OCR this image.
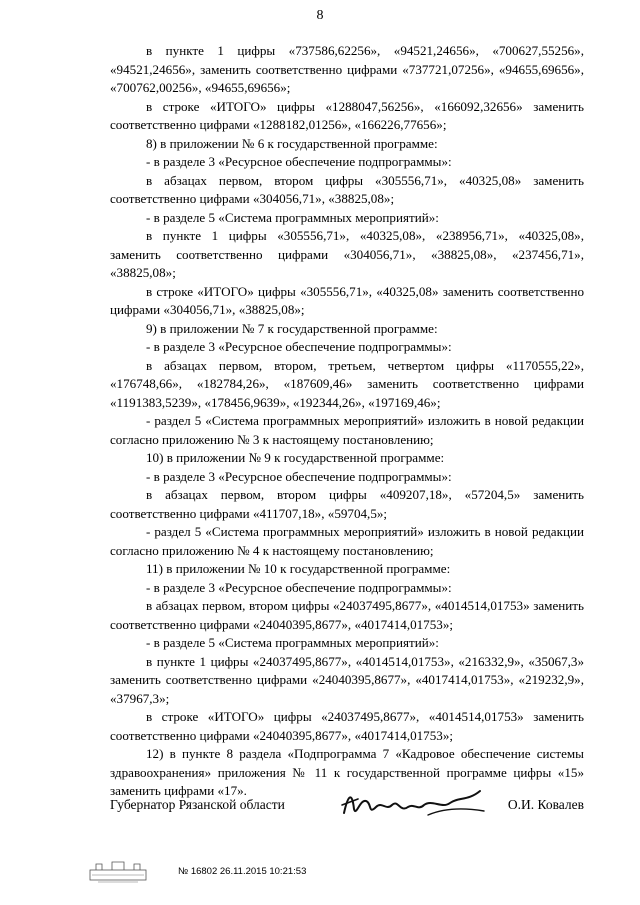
8

в пункте 1 цифры «737586,62256», «94521,24656», «700627,55256», «94521,24656», заменить соответственно цифрами «737721,07256», «94655,69656», «700762,00256», «94655,69656»;

в строке «ИТОГО» цифры «1288047,56256», «166092,32656» заменить соответственно цифрами «1288182,01256», «166226,77656»;

8) в приложении № 6 к государственной программе:

- в разделе 3 «Ресурсное обеспечение подпрограммы»:

в абзацах первом, втором цифры «305556,71», «40325,08» заменить соответственно цифрами «304056,71», «38825,08»;

- в разделе 5 «Система программных мероприятий»:

в пункте 1 цифры «305556,71», «40325,08», «238956,71», «40325,08», заменить соответственно цифрами «304056,71», «38825,08», «237456,71», «38825,08»;

в строке «ИТОГО» цифры «305556,71», «40325,08» заменить соответственно цифрами «304056,71», «38825,08»;

9) в приложении № 7 к государственной программе:

- в разделе 3 «Ресурсное обеспечение подпрограммы»:

в абзацах первом, втором, третьем, четвертом цифры «1170555,22», «176748,66», «182784,26», «187609,46» заменить соответственно цифрами «1191383,5239», «178456,9639», «192344,26», «197169,46»;

- раздел 5 «Система программных мероприятий» изложить в новой редакции согласно приложению № 3 к настоящему постановлению;

10) в приложении № 9 к государственной программе:

- в разделе 3 «Ресурсное обеспечение подпрограммы»:

в абзацах первом, втором цифры «409207,18», «57204,5» заменить соответственно цифрами «411707,18», «59704,5»;

- раздел 5 «Система программных мероприятий» изложить в новой редакции согласно приложению № 4 к настоящему постановлению;

11) в приложении № 10 к государственной программе:

- в разделе 3 «Ресурсное обеспечение подпрограммы»:

в абзацах первом, втором цифры «24037495,8677», «4014514,01753» заменить соответственно цифрами «24040395,8677», «4017414,01753»;

- в разделе 5 «Система программных мероприятий»:

в пункте 1 цифры «24037495,8677», «4014514,01753», «216332,9», «35067,3» заменить соответственно цифрами «24040395,8677», «4017414,01753», «219232,9», «37967,3»;

в строке «ИТОГО» цифры «24037495,8677», «4014514,01753» заменить соответственно цифрами «24040395,8677», «4017414,01753»;

12) в пункте 8 раздела «Подпрограмма 7 «Кадровое обеспечение системы здравоохранения» приложения № 11 к государственной программе цифры «15» заменить цифрами «17».

Губернатор Рязанской области	О.И. Ковалев
№ 16802 26.11.2015 10:21:53
